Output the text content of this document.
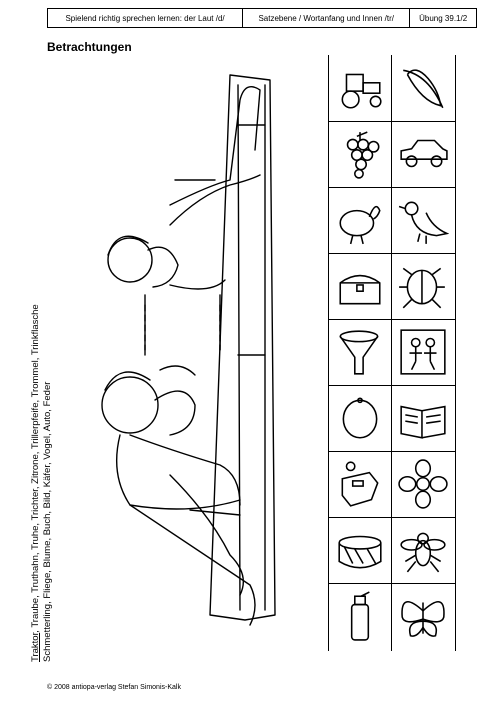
Spielend richtig sprechen lernen: der Laut /d/	Satzebene / Wortanfang und Innen /tr/	Übung 39.1/2
Betrachtungen
Traktor, Traube, Truthahn, Truhe, Trichter, Zitrone, Trillerpfeife, Trommel, Trinkflasche
Schmetterling, Fliege, Blume, Buch, Bild, Käfer, Vogel, Auto, Feder
© 2008 antiopa-verlag Stefan Simonis-Kalk
